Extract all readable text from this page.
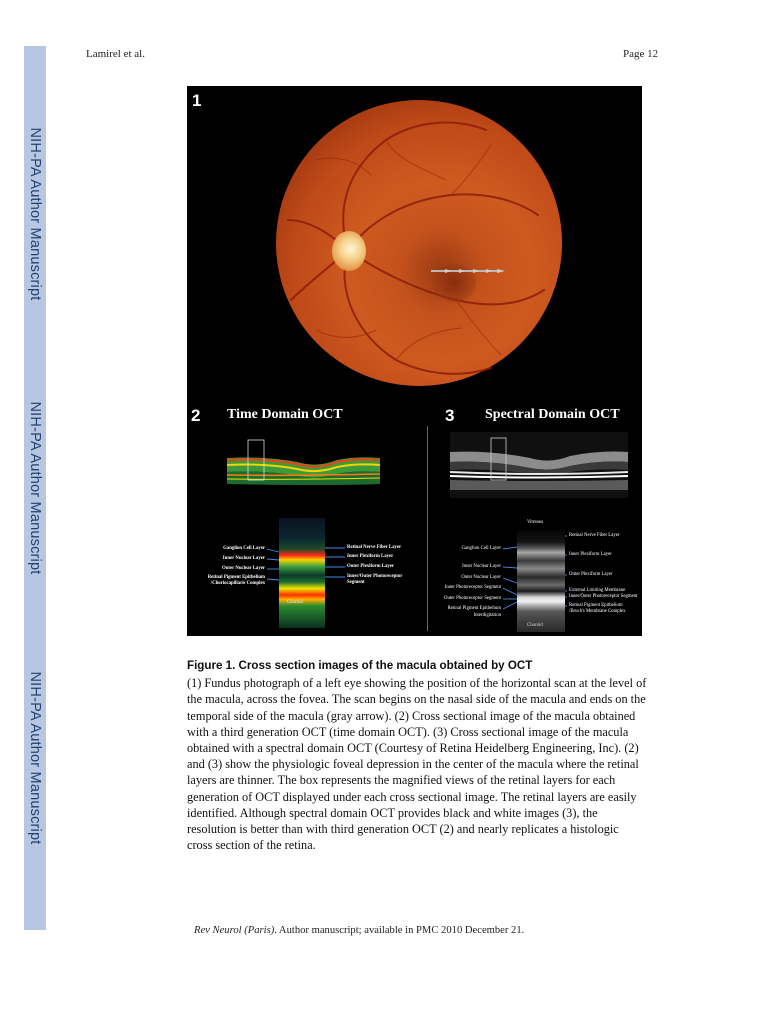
NIH-PA Author Manuscript
NIH-PA Author Manuscript
NIH-PA Author Manuscript
Lamirel et al.	Page 12
1
2 Time Domain OCT	3 Spectral Domain OCT
Choroid
Ganglion Cell Layer
Inner Nuclear Layer
Outer Nuclear Layer
Retinal Pigment Epithelium
/Choriocapillaris Complex
Retinal Nerve Fiber Layer
Inner Plexiform Layer
Outer Plexiform Layer
Inner/Outer Photoreceptor
Segment
Vitreous
Choroid
Ganglion Cell Layer
Inner Nuclear Layer
Outer Nuclear Layer
Inner Photoreceptor Segment
Outer Photoreceptor Segment
Retinal Pigment Epithelium
Interdigitation
Retinal Nerve Fiber Layer
Inner Plexiform Layer
Outer Plexiform Layer
External Limiting Membrane
Inner/Outer Photoreceptor Segment
Retinal Pigment Epithelium
/Bruch's Membrane Complex
Figure 1. Cross section images of the macula obtained by OCT
(1) Fundus photograph of a left eye showing the position of the horizontal scan at the level of the macula, across the fovea. The scan begins on the nasal side of the macula and ends on the temporal side of the macula (gray arrow). (2) Cross sectional image of the macula obtained with a third generation OCT (time domain OCT). (3) Cross sectional image of the macula obtained with a spectral domain OCT (Courtesy of Retina Heidelberg Engineering, Inc). (2) and (3) show the physiologic foveal depression in the center of the macula where the retinal layers are thinner. The box represents the magnified views of the retinal layers for each generation of OCT displayed under each cross sectional image. The retinal layers are easily identified. Although spectral domain OCT provides black and white images (3), the resolution is better than with third generation OCT (2) and nearly replicates a histologic cross section of the retina.
Rev Neurol (Paris). Author manuscript; available in PMC 2010 December 21.
